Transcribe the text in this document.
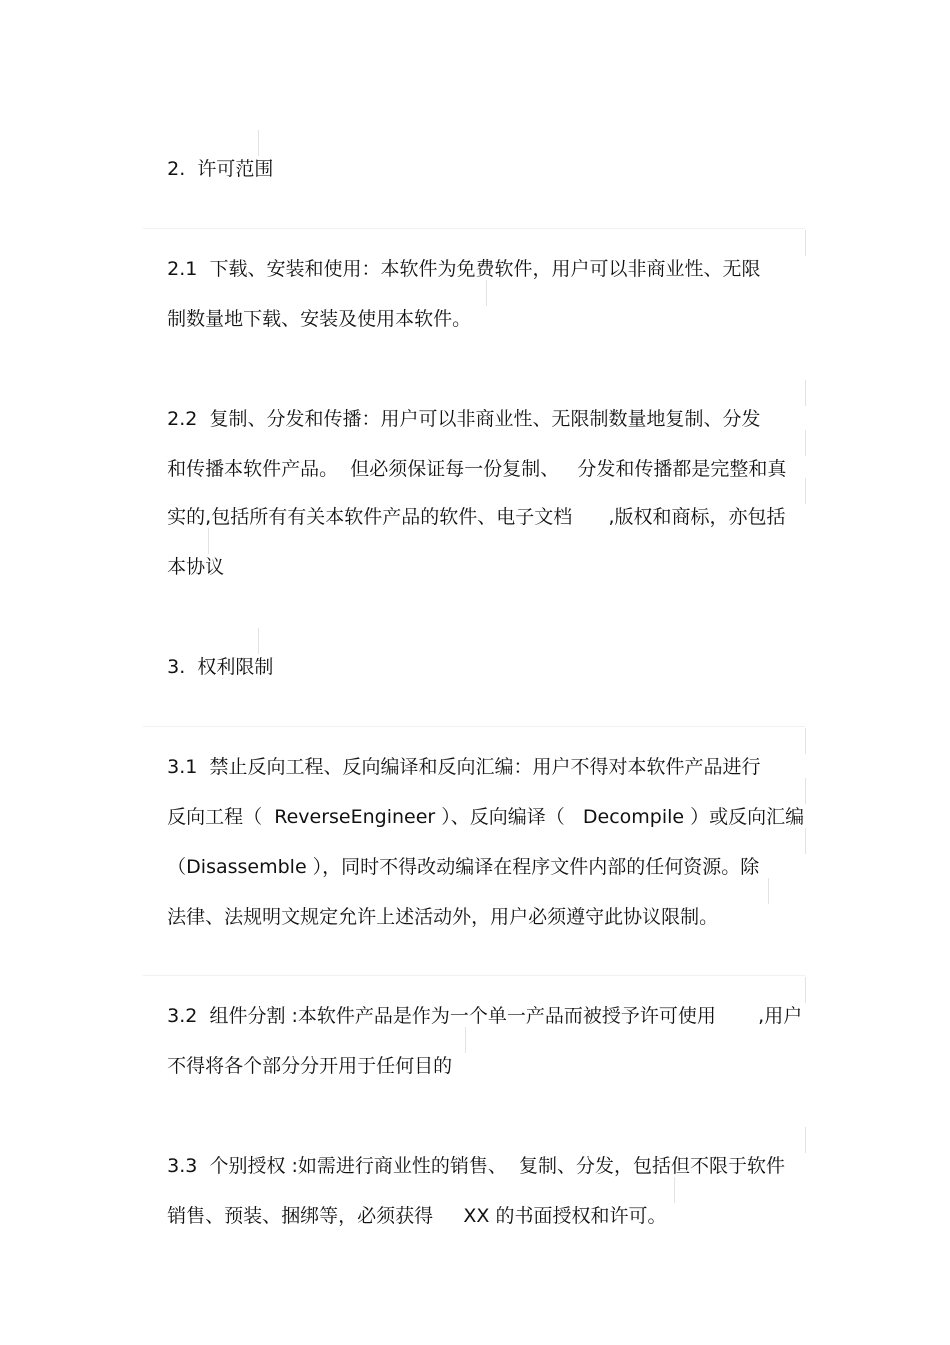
2.  许可范围

2.1  下载、安装和使用：本软件为免费软件，用户可以非商业性、无限

制数量地下载、安装及使用本软件。

2.2  复制、分发和传播：用户可以非商业性、无限制数量地复制、分发

和传播本软件产品。  但必须保证每一份复制、   分发和传播都是完整和真

实的,包括所有有关本软件产品的软件、电子文档      ,版权和商标，亦包括

本协议

3.  权利限制

3.1  禁止反向工程、反向编译和反向汇编：用户不得对本软件产品进行

反向工程（  ReverseEngineer ）、反向编译（   Decompile ）或反向汇编

（Disassemble ），同时不得改动编译在程序文件内部的任何资源。除

法律、法规明文规定允许上述活动外，用户必须遵守此协议限制。

3.2  组件分割 :本软件产品是作为一个单一产品而被授予许可使用       ,用户

不得将各个部分分开用于任何目的

3.3  个别授权 :如需进行商业性的销售、  复制、分发，包括但不限于软件

销售、预装、捆绑等，必须获得     XX 的书面授权和许可。
